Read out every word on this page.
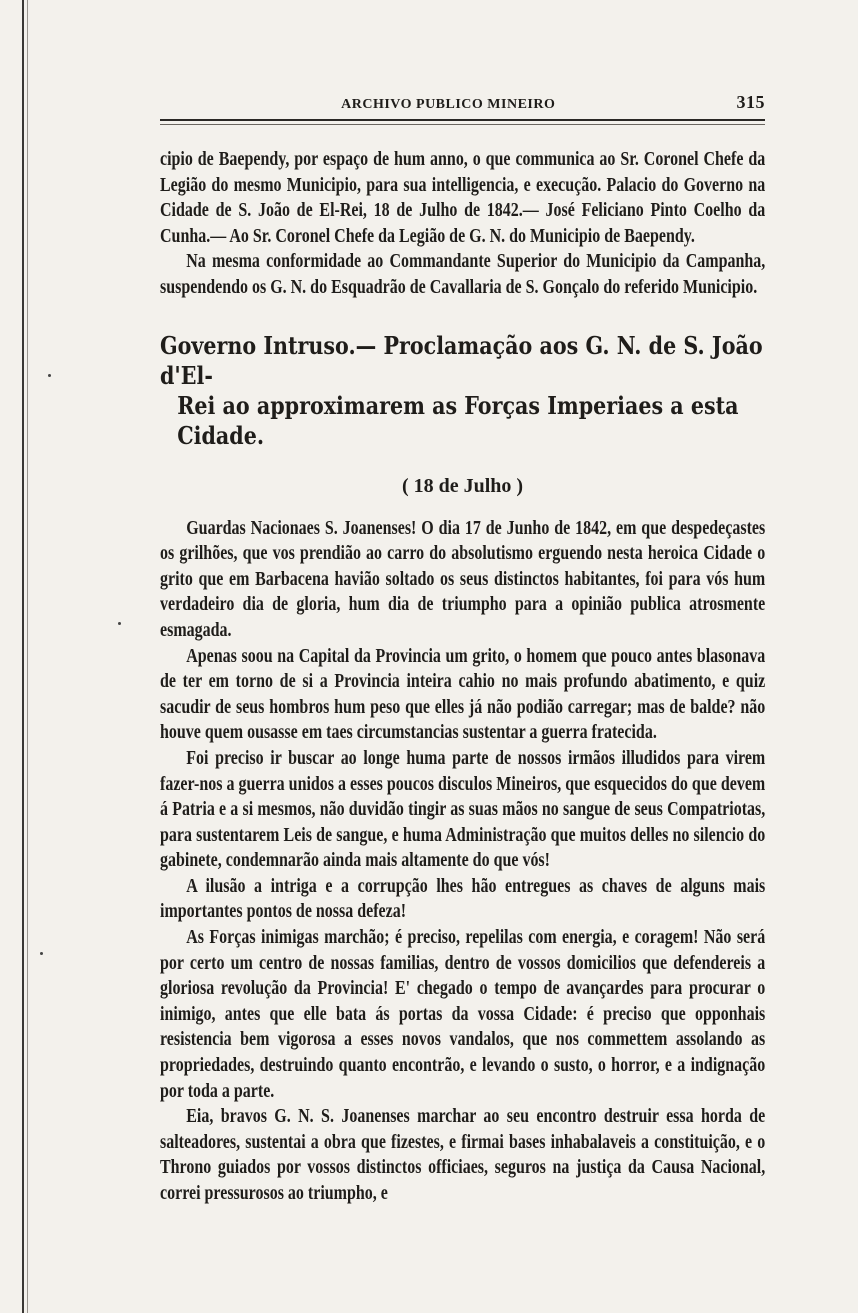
ARCHIVO PUBLICO MINEIRO	315

cipio de Baependy, por espaço de hum anno, o que communica ao Sr. Coronel Chefe da Legião do mesmo Municipio, para sua intelligencia, e execução. Palacio do Governo na Cidade de S. João de El-Rei, 18 de Julho de 1842.— José Feliciano Pinto Coelho da Cunha.— Ao Sr. Coronel Chefe da Legião de G. N. do Municipio de Baependy.

Na mesma conformidade ao Commandante Superior do Municipio da Campanha, suspendendo os G. N. do Esquadrão de Cavallaria de S. Gonçalo do referido Municipio.

Governo Intruso.— Proclamação aos G. N. de S. João d'El-
Rei ao approximarem as Forças Imperiaes a esta Cidade.
( 18 de Julho )

Guardas Nacionaes S. Joanenses! O dia 17 de Junho de 1842, em que despedeçastes os grilhões, que vos prendião ao carro do absolutismo erguendo nesta heroica Cidade o grito que em Barbacena havião soltado os seus distinctos habitantes, foi para vós hum verdadeiro dia de gloria, hum dia de triumpho para a opinião publica atrosmente esmagada.

Apenas soou na Capital da Provincia um grito, o homem que pouco antes blasonava de ter em torno de si a Provincia inteira cahio no mais profundo abatimento, e quiz sacudir de seus hombros hum peso que elles já não podião carregar; mas de balde? não houve quem ousasse em taes circumstancias sustentar a guerra fratecida.

Foi preciso ir buscar ao longe huma parte de nossos irmãos illudidos para virem fazer-nos a guerra unidos a esses poucos disculos Mineiros, que esquecidos do que devem á Patria e a si mesmos, não duvidão tingir as suas mãos no sangue de seus Compatriotas, para sustentarem Leis de sangue, e huma Administração que muitos delles no silencio do gabinete, condemnarão ainda mais altamente do que vós!

A ilusão a intriga e a corrupção lhes hão entregues as chaves de alguns mais importantes pontos de nossa defeza!

As Forças inimigas marchão; é preciso, repelilas com energia, e coragem! Não será por certo um centro de nossas familias, dentro de vossos domicilios que defendereis a gloriosa revolução da Provincia! E' chegado o tempo de avançardes para procurar o inimigo, antes que elle bata ás portas da vossa Cidade: é preciso que opponhais resistencia bem vigorosa a esses novos vandalos, que nos commettem assolando as propriedades, destruindo quanto encontrão, e levando o susto, o horror, e a indignação por toda a parte.

Eia, bravos G. N. S. Joanenses marchar ao seu encontro destruir essa horda de salteadores, sustentai a obra que fizestes, e firmai bases inhabalaveis a constituição, e o Throno guiados por vossos distinctos officiaes, seguros na justiça da Causa Nacional, correi pressurosos ao triumpho, e
